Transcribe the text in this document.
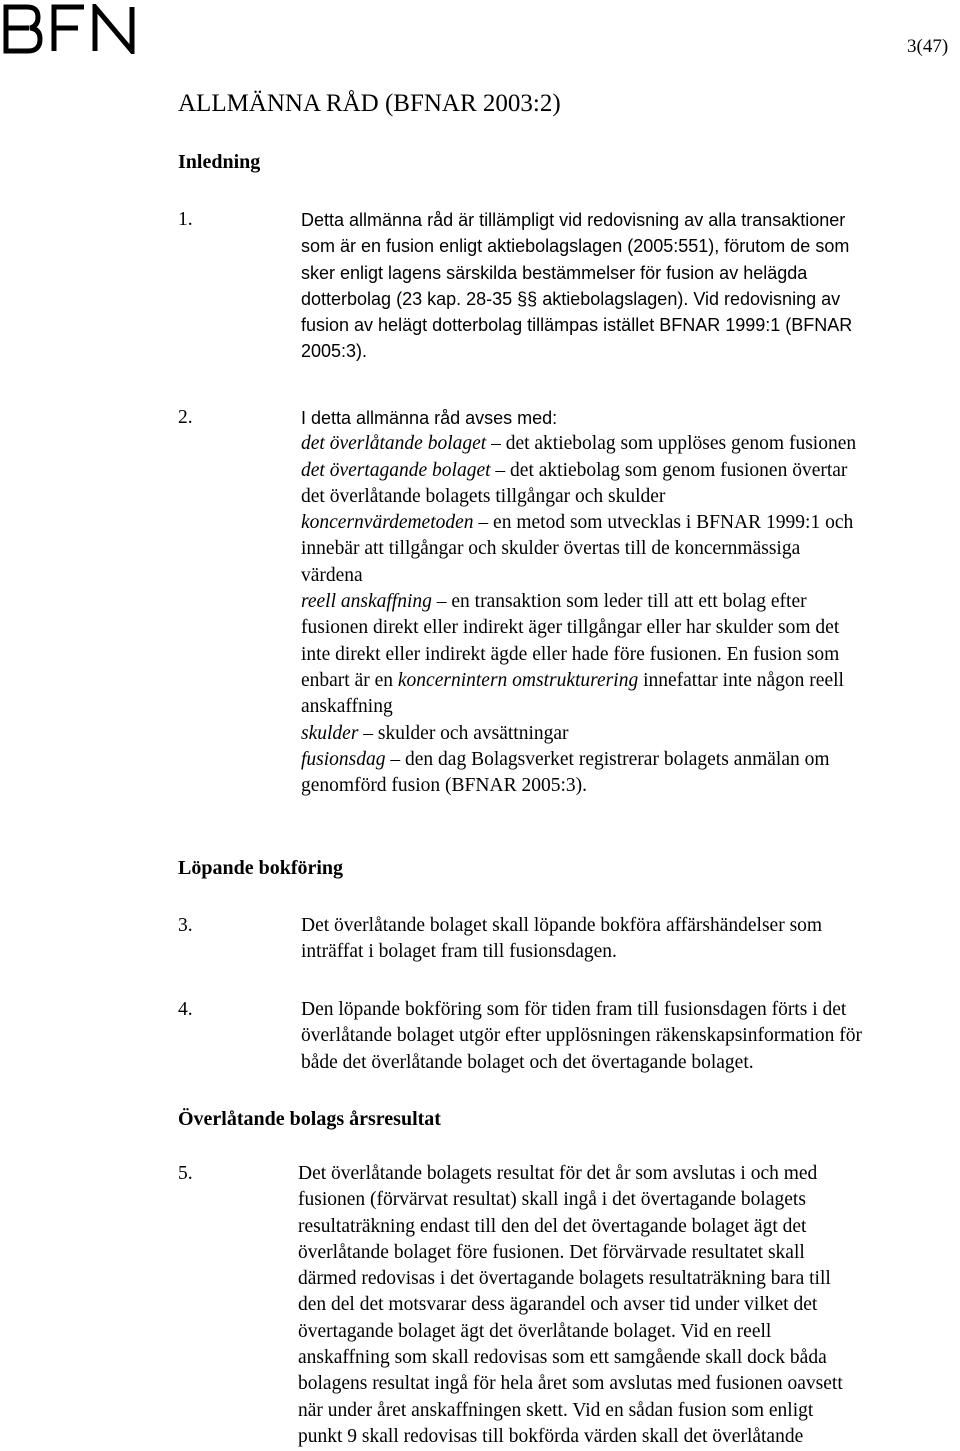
3(47)
ALLMÄNNA RÅD (BFNAR 2003:2)
Inledning
1.	Detta allmänna råd är tillämpligt vid redovisning av alla transaktioner
som är en fusion enligt aktiebolagslagen (2005:551), förutom de som
sker enligt lagens särskilda bestämmelser för fusion av helägda
dotterbolag (23 kap. 28-35 §§ aktiebolagslagen). Vid redovisning av
fusion av helägt dotterbolag tillämpas istället BFNAR 1999:1 (BFNAR
2005:3).
2.	I detta allmänna råd avses med:
det överlåtande bolaget – det aktiebolag som upplöses genom fusionen
det övertagande bolaget – det aktiebolag som genom fusionen övertar
det överlåtande bolagets tillgångar och skulder
koncernvärdemetoden – en metod som utvecklas i BFNAR 1999:1 och
innebär att tillgångar och skulder övertas till de koncernmässiga
värdena
reell anskaffning – en transaktion som leder till att ett bolag efter
fusionen direkt eller indirekt äger tillgångar eller har skulder som det
inte direkt eller indirekt ägde eller hade före fusionen. En fusion som
enbart är en koncernintern omstrukturering innefattar inte någon reell
anskaffning
skulder – skulder och avsättningar
fusionsdag – den dag Bolagsverket registrerar bolagets anmälan om
genomförd fusion (BFNAR 2005:3).
Löpande bokföring
3.	Det överlåtande bolaget skall löpande bokföra affärshändelser som
inträffat i bolaget fram till fusionsdagen.
4.	Den löpande bokföring som för tiden fram till fusionsdagen förts i det
överlåtande bolaget utgör efter upplösningen räkenskapsinformation för
både det överlåtande bolaget och det övertagande bolaget.
Överlåtande bolags årsresultat
5.	Det överlåtande bolagets resultat för det år som avslutas i och med
fusionen (förvärvat resultat) skall ingå i det övertagande bolagets
resultaträkning endast till den del det övertagande bolaget ägt det
överlåtande bolaget före fusionen. Det förvärvade resultatet skall
därmed redovisas i det övertagande bolagets resultaträkning bara till
den del det motsvarar dess ägarandel och avser tid under vilket det
övertagande bolaget ägt det överlåtande bolaget. Vid en reell
anskaffning som skall redovisas som ett samgående skall dock båda
bolagens resultat ingå för hela året som avslutas med fusionen oavsett
när under året anskaffningen skett. Vid en sådan fusion som enligt
punkt 9 skall redovisas till bokförda värden skall det överlåtande
